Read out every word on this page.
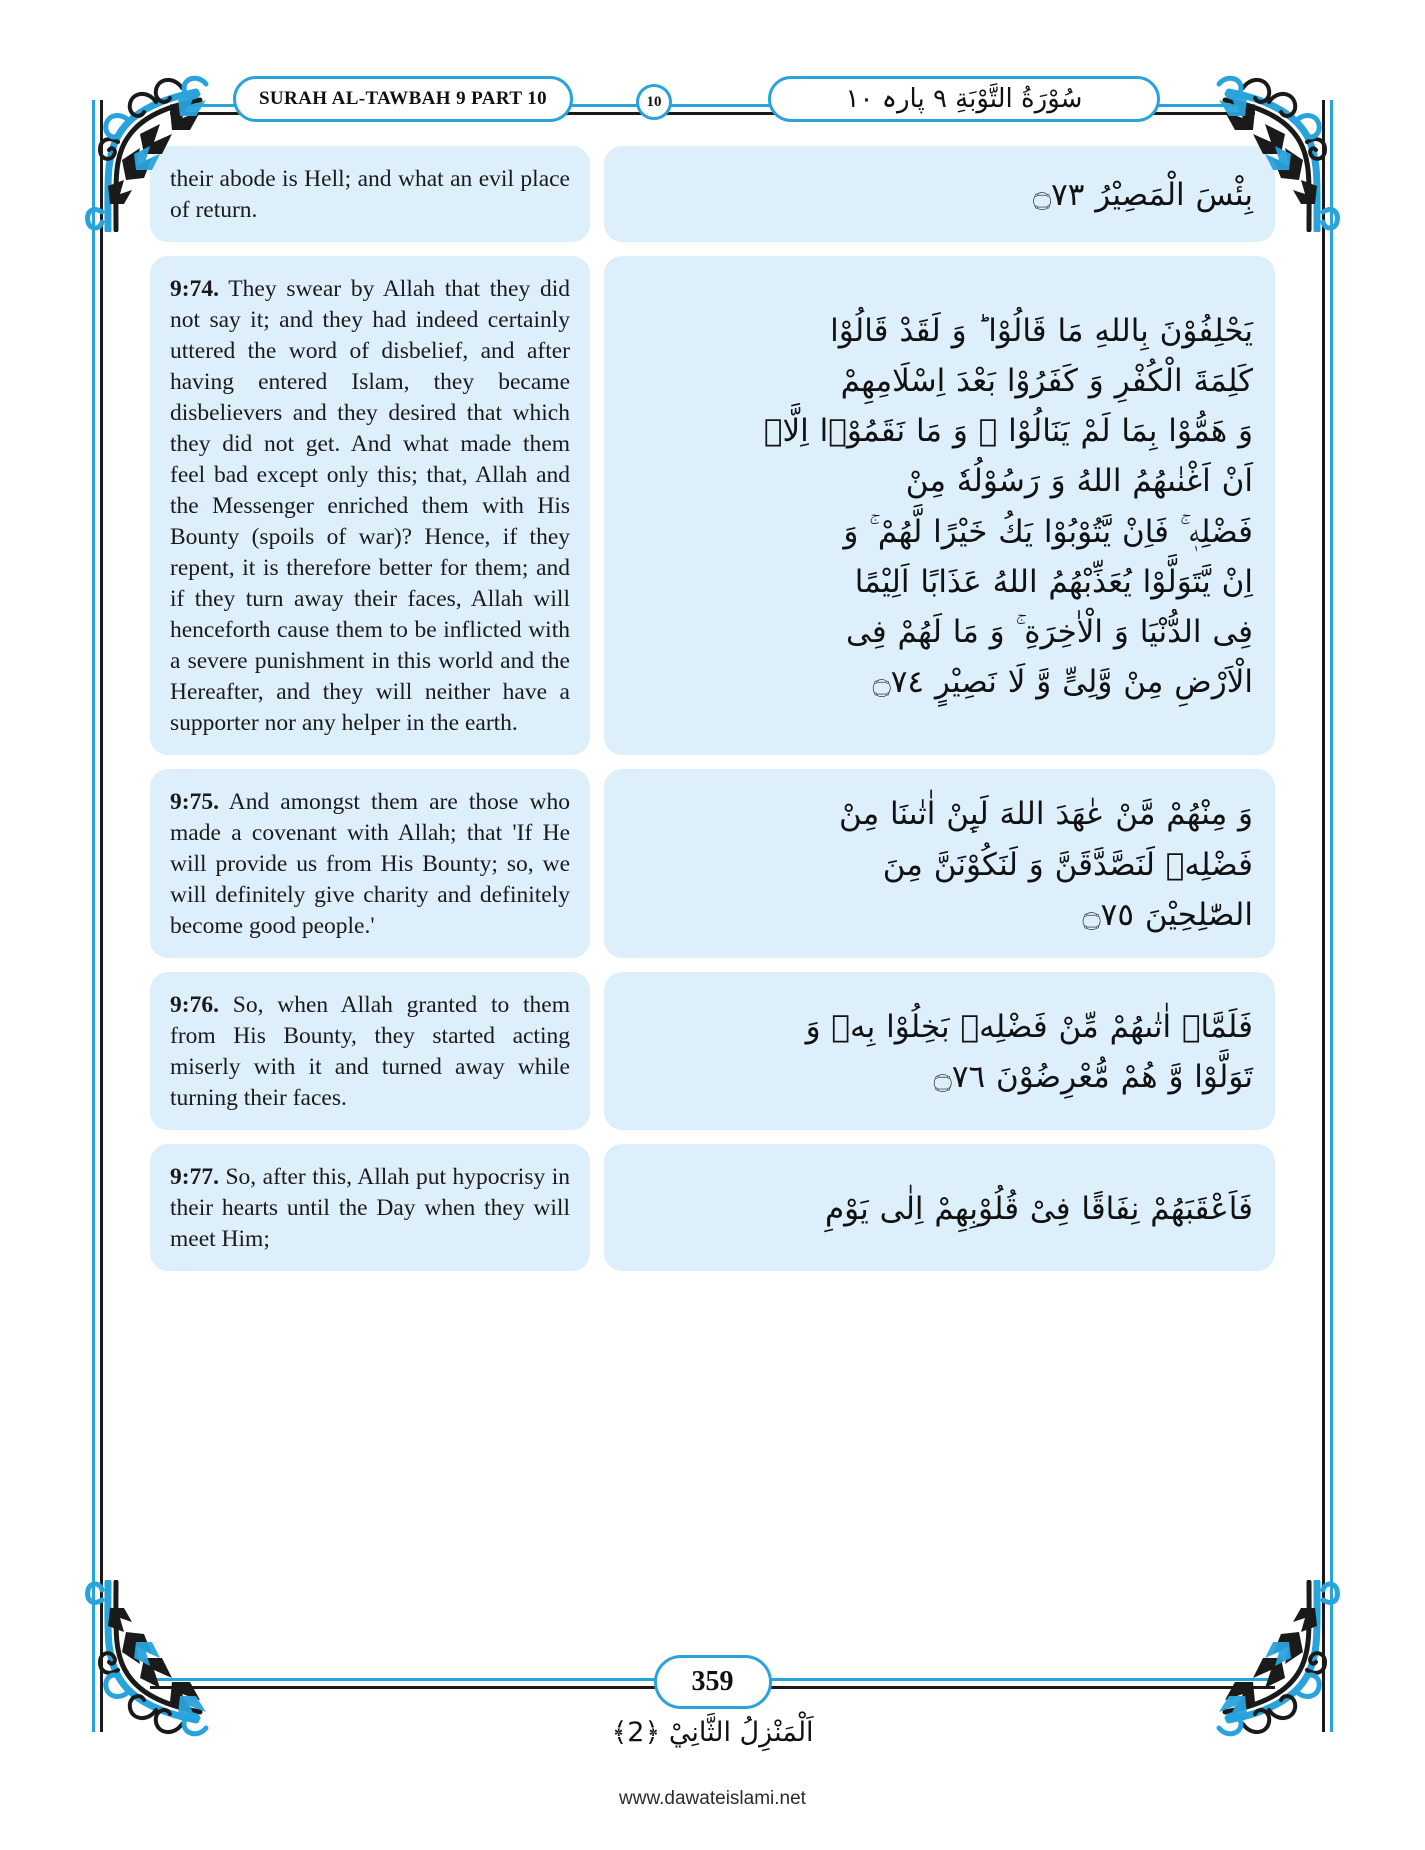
SURAH AL-TAWBAH 9 PART 10	10	سُوْرَةُ التَّوْبَةِ ٩ پارہ ١٠
their abode is Hell; and what an evil place of return.	بِئْسَ الْمَصِیْرُ ۝٧٣
9:74. They swear by Allah that they did not say it; and they had indeed certainly uttered the word of disbelief, and after having entered Islam, they became disbelievers and they desired that which they did not get. And what made them feel bad except only this; that, Allah and the Messenger enriched them with His Bounty (spoils of war)? Hence, if they repent, it is therefore better for them; and if they turn away their faces, Allah will henceforth cause them to be inflicted with a severe punishment in this world and the Hereafter, and they will neither have a supporter nor any helper in the earth.
یَحْلِفُوْنَ بِاللهِ مَا قَالُوْا ؕ وَ لَقَدْ قَالُوْا
كَلِمَةَ الْكُفْرِ وَ كَفَرُوْا بَعْدَ اِسْلَامِهِمْ
وَ هَمُّوْا بِمَا لَمْ یَنَالُوْا ۚ وَ مَا نَقَمُوْۤا اِلَّاۤ
اَنْ اَغْنٰىهُمُ اللهُ وَ رَسُوْلُهٗ مِنْ
فَضْلِهٖ ۚ فَاِنْ یَّتُوْبُوْا یَكُ خَیْرًا لَّهُمْ ۚ وَ
اِنْ یَّتَوَلَّوْا یُعَذِّبْهُمُ اللهُ عَذَابًا اَلِیْمًا
فِی الدُّنْیَا وَ الْاٰخِرَةِ ۚ وَ مَا لَهُمْ فِی
الْاَرْضِ مِنْ وَّلِیٍّ وَّ لَا نَصِیْرٍ ۝٧٤
9:75. And amongst them are those who made a covenant with Allah; that 'If He will provide us from His Bounty; so, we will definitely give charity and definitely become good people.'
وَ مِنْهُمْ مَّنْ عٰهَدَ اللهَ لَىِٕنْ اٰتٰىنَا مِنْ
فَضْلِهٖ لَنَصَّدَّقَنَّ وَ لَنَكُوْنَنَّ مِنَ
الصّٰلِحِیْنَ ۝٧٥
9:76. So, when Allah granted to them from His Bounty, they started acting miserly with it and turned away while turning their faces.
فَلَمَّاۤ اٰتٰىهُمْ مِّنْ فَضْلِهٖ بَخِلُوْا بِهٖ وَ
تَوَلَّوْا وَّ هُمْ مُّعْرِضُوْنَ ۝٧٦
9:77. So, after this, Allah put hypocrisy in their hearts until the Day when they will meet Him;
فَاَعْقَبَهُمْ نِفَاقًا فِیْ قُلُوْبِهِمْ اِلٰى یَوْمِ
359
اَلْمَنْزِلُ الثَّانِيْ ﴿2﴾
www.dawateislami.net
